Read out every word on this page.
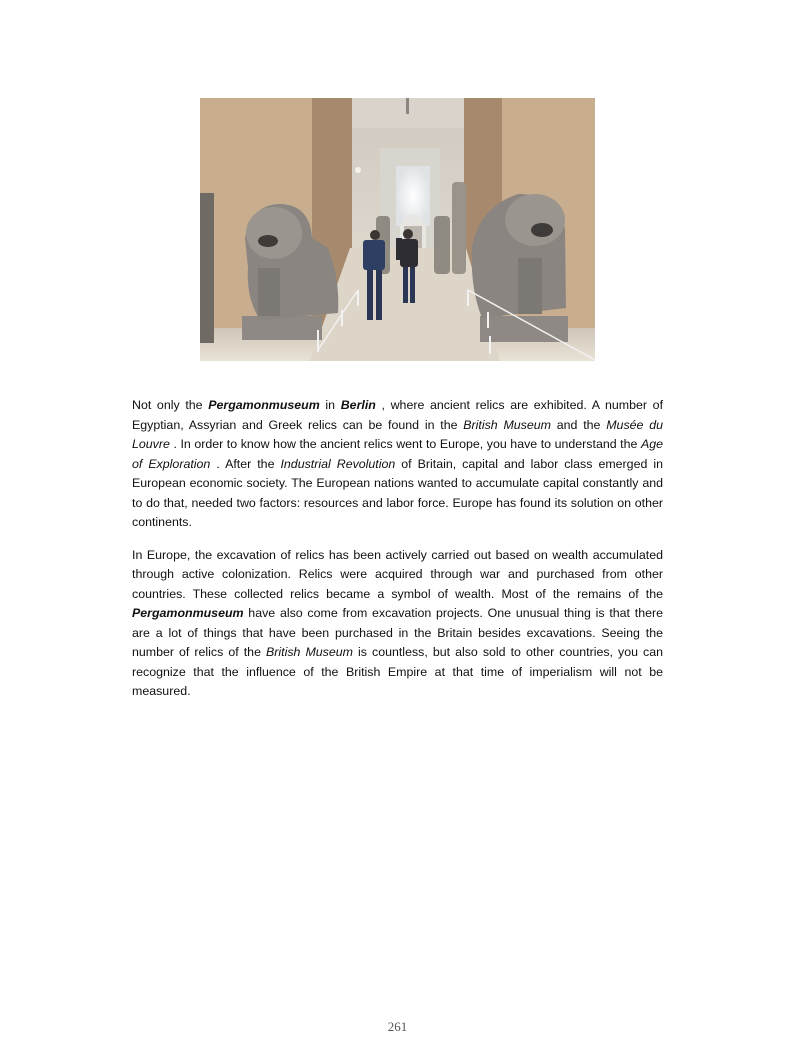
Not only the Pergamonmuseum in Berlin , where ancient relics are exhibited. A number of Egyptian, Assyrian and Greek relics can be found in the British Museum and the Musée du Louvre . In order to know how the ancient relics went to Europe, you have to understand the Age of Exploration . After the Industrial Revolution of Britain, capital and labor class emerged in European economic society. The European nations wanted to accumulate capital constantly and to do that, needed two factors: resources and labor force. Europe has found its solution on other continents.

In Europe, the excavation of relics has been actively carried out based on wealth accumulated through active colonization. Relics were acquired through war and purchased from other countries. These collected relics became a symbol of wealth. Most of the remains of the Pergamonmuseum have also come from excavation projects. One unusual thing is that there are a lot of things that have been purchased in the Britain besides excavations. Seeing the number of relics of the British Museum is countless, but also sold to other countries, you can recognize that the influence of the British Empire at that time of imperialism will not be measured.

261
